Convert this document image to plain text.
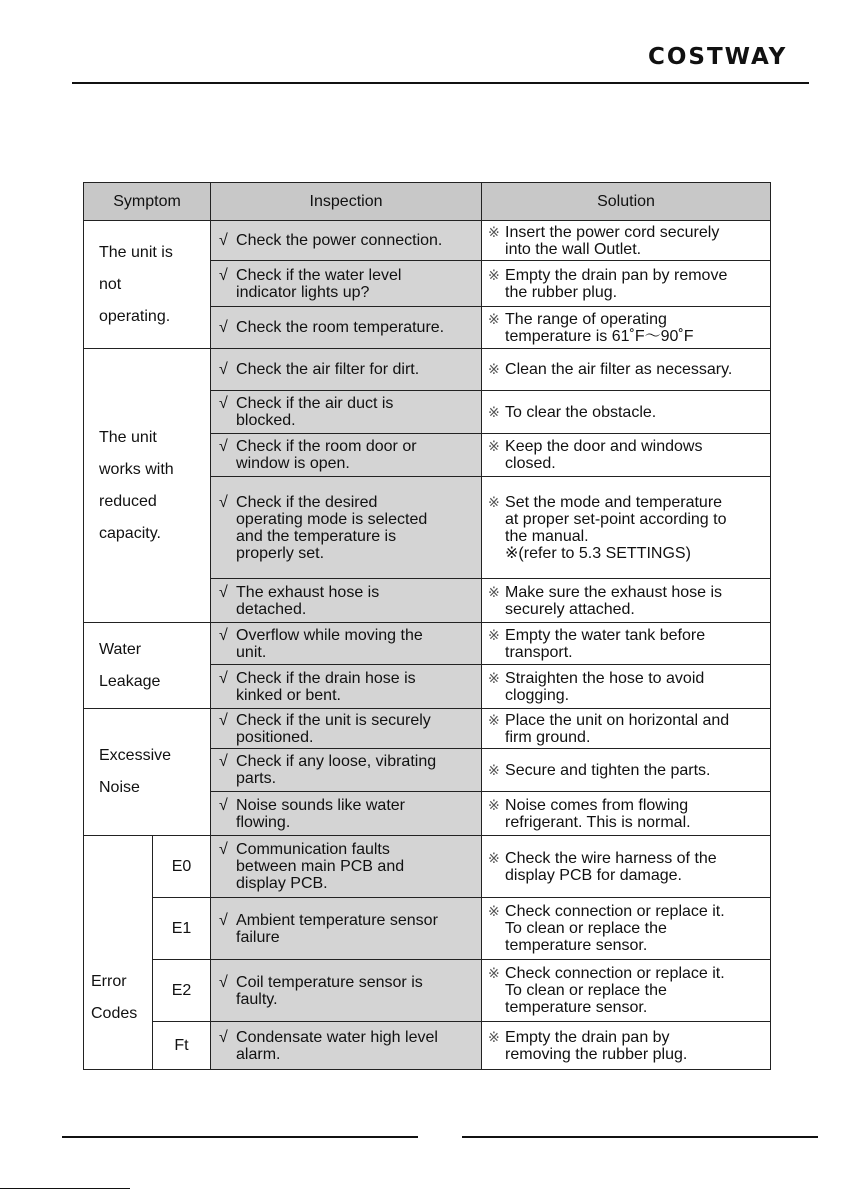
COSTWAY
Symptom		Inspection	Solution

The unit is
not
operating.		√ Check the power connection.	※ Insert the power cord securely
into the wall Outlet.

		√ Check if the water level
indicator lights up?	※ Empty the drain pan by remove
the rubber plug.

		√ Check the room temperature.	※ The range of operating
temperature is 61˚F～90˚F

The unit
works with
reduced
capacity.		√ Check the air filter for dirt.	※ Clean the air filter as necessary.

		√ Check if the air duct is
blocked.	※ To clear the obstacle.

		√ Check if the room door or
window is open.	※ Keep the door and windows
closed.

		√ Check if the desired
operating mode is selected
and the temperature is
properly set.	※ Set the mode and temperature
at proper set-point according to
the manual.
※(refer to 5.3 SETTINGS)

		√ The exhaust hose is
detached.	※ Make sure the exhaust hose is
securely attached.

Water
Leakage		√ Overflow while moving the
unit.	※ Empty the water tank before
transport.

		√ Check if the drain hose is
kinked or bent.	※ Straighten the hose to avoid
clogging.

Excessive
Noise		√ Check if the unit is securely
positioned.	※ Place the unit on horizontal and
firm ground.

		√ Check if any loose, vibrating
parts.	※ Secure and tighten the parts.

		√ Noise sounds like water
flowing.	※ Noise comes from flowing
refrigerant. This is normal.

Error
Codes	E0	√ Communication faults
between main PCB and
display PCB.	※ Check the wire harness of the
display PCB for damage.

	E1	√ Ambient temperature sensor
failure	※ Check connection or replace it.
To clean or replace the
temperature sensor.

	E2	√ Coil temperature sensor is
faulty.	※ Check connection or replace it.
To clean or replace the
temperature sensor.

	Ft	√ Condensate water high level
alarm.	※ Empty the drain pan by
removing the rubber plug.
